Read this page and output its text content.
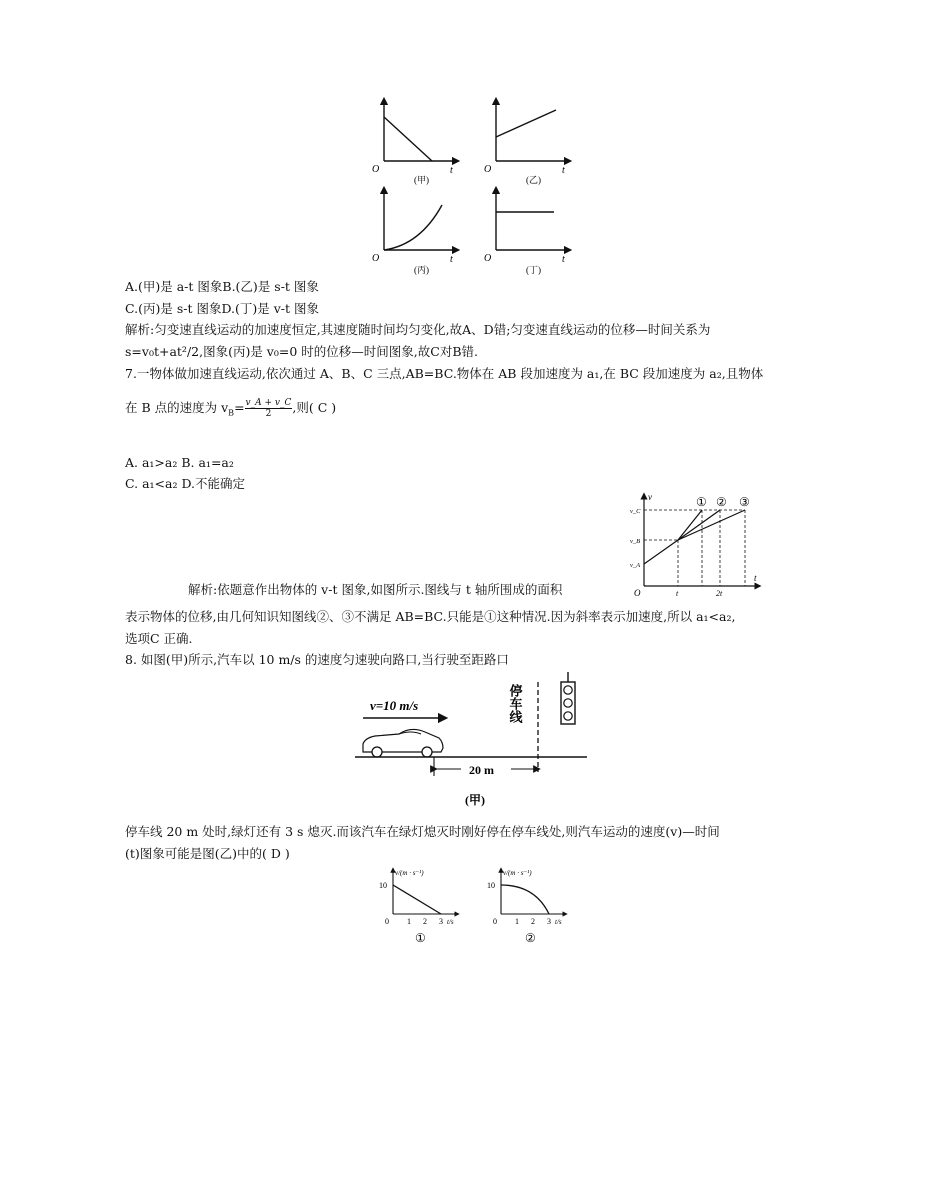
O	t
(甲)
O	t
(乙)
O	t
(丙)
O	t
(丁)
A.(甲)是 a-t 图象B.(乙)是 s-t 图象
C.(丙)是 s-t 图象D.(丁)是 v-t 图象
解析:匀变速直线运动的加速度恒定,其速度随时间均匀变化,故A、D错;匀变速直线运动的位移—时间关系为
s=v₀t+at²/2,图象(丙)是 v₀=0 时的位移—时间图象,故C对B错.
7.一物体做加速直线运动,依次通过 A、B、C 三点,AB=BC.物体在 AB 段加速度为 a₁,在 BC 段加速度为 a₂,且物体
在 B 点的速度为 $v_B= \frac{v\_A + v\_C}{2}$ ,则( C )
A. a₁>a₂ B. a₁=a₂
C. a₁<a₂ D.不能确定
v
t
O
v_C
v_B
v_A
t	2t
① ② ③
解析:依题意作出物体的 v-t 图象,如图所示.图线与 t 轴所围成的面积
表示物体的位移,由几何知识知图线②、③不满足 AB=BC.只能是①这种情况.因为斜率表示加速度,所以 a₁<a₂,
选项C 正确.
8. 如图(甲)所示,汽车以 10 m/s 的速度匀速驶向路口,当行驶至距路口
v=10 m/s	停车线
20 m
(甲)
停车线 20 m 处时,绿灯还有 3 s 熄灭.而该汽车在绿灯熄灭时刚好停在停车线处,则汽车运动的速度(v)—时间
(t)图象可能是图(乙)中的( D )
v/(m · s⁻¹)
10
0 1 2 3 t/s
①
v/(m · s⁻¹)
10
0 1 2 3 t/s
②
